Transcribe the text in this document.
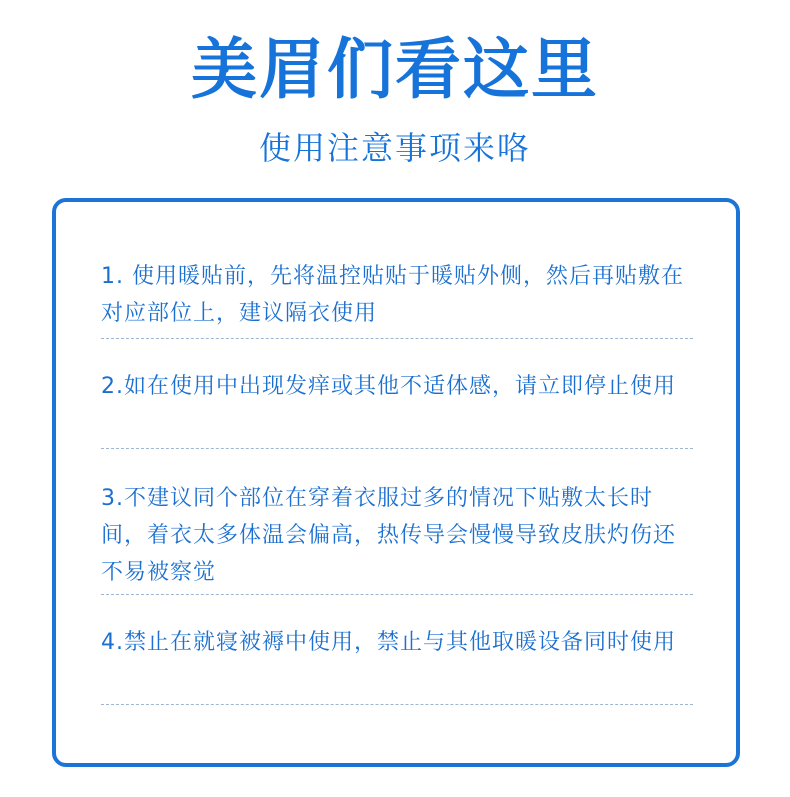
美眉们看这里
使用注意事项来咯
1. 使用暖贴前，先将温控贴贴于暖贴外侧，然后再贴敷在对应部位上，建议隔衣使用
2.如在使用中出现发痒或其他不适体感，请立即停止使用
3.不建议同个部位在穿着衣服过多的情况下贴敷太长时间，着衣太多体温会偏高，热传导会慢慢导致皮肤灼伤还不易被察觉
4.禁止在就寝被褥中使用，禁止与其他取暖设备同时使用
